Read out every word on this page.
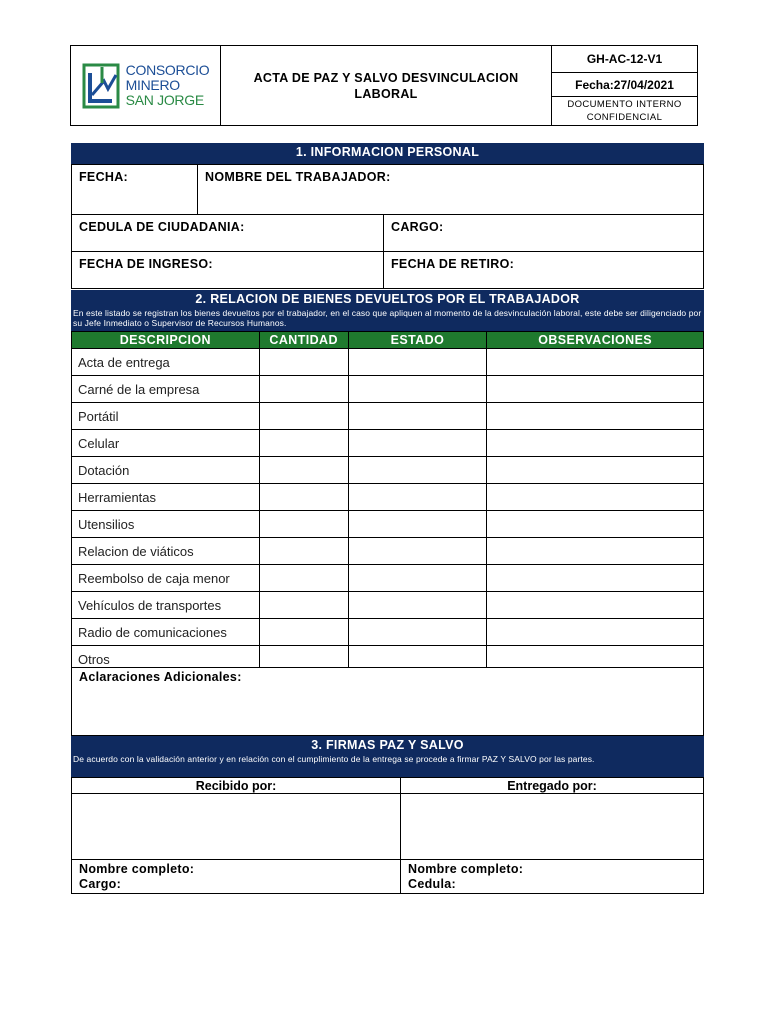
CONSORCIO
MINERO
SAN JORGE
ACTA DE PAZ Y SALVO DESVINCULACION LABORAL
GH-AC-12-V1
Fecha:27/04/2021
DOCUMENTO INTERNO CONFIDENCIAL
1. INFORMACION PERSONAL
FECHA:	NOMBRE DEL TRABAJADOR:
CEDULA DE CIUDADANIA:	CARGO:
FECHA DE INGRESO:	FECHA DE RETIRO:
2. RELACION DE BIENES DEVUELTOS POR EL TRABAJADOR
En este listado se registran los bienes devueltos por el trabajador, en el caso que apliquen al momento de la desvinculación laboral, este debe ser diligenciado por su Jefe Inmediato o Supervisor de Recursos Humanos.
DESCRIPCION	CANTIDAD	ESTADO	OBSERVACIONES
Acta de entrega			
Carné de la empresa			
Portátil			
Celular			
Dotación			
Herramientas			
Utensilios			
Relacion de viáticos			
Reembolso de caja menor			
Vehículos de transportes			
Radio de comunicaciones			
Otros			
Aclaraciones Adicionales:
3. FIRMAS PAZ Y SALVO
De acuerdo con la validación anterior y en relación con el cumplimiento de la entrega se procede a firmar PAZ Y SALVO por las partes.
Recibido por:	Entregado por:
Nombre completo:
Cargo:
Nombre completo:
Cedula:
